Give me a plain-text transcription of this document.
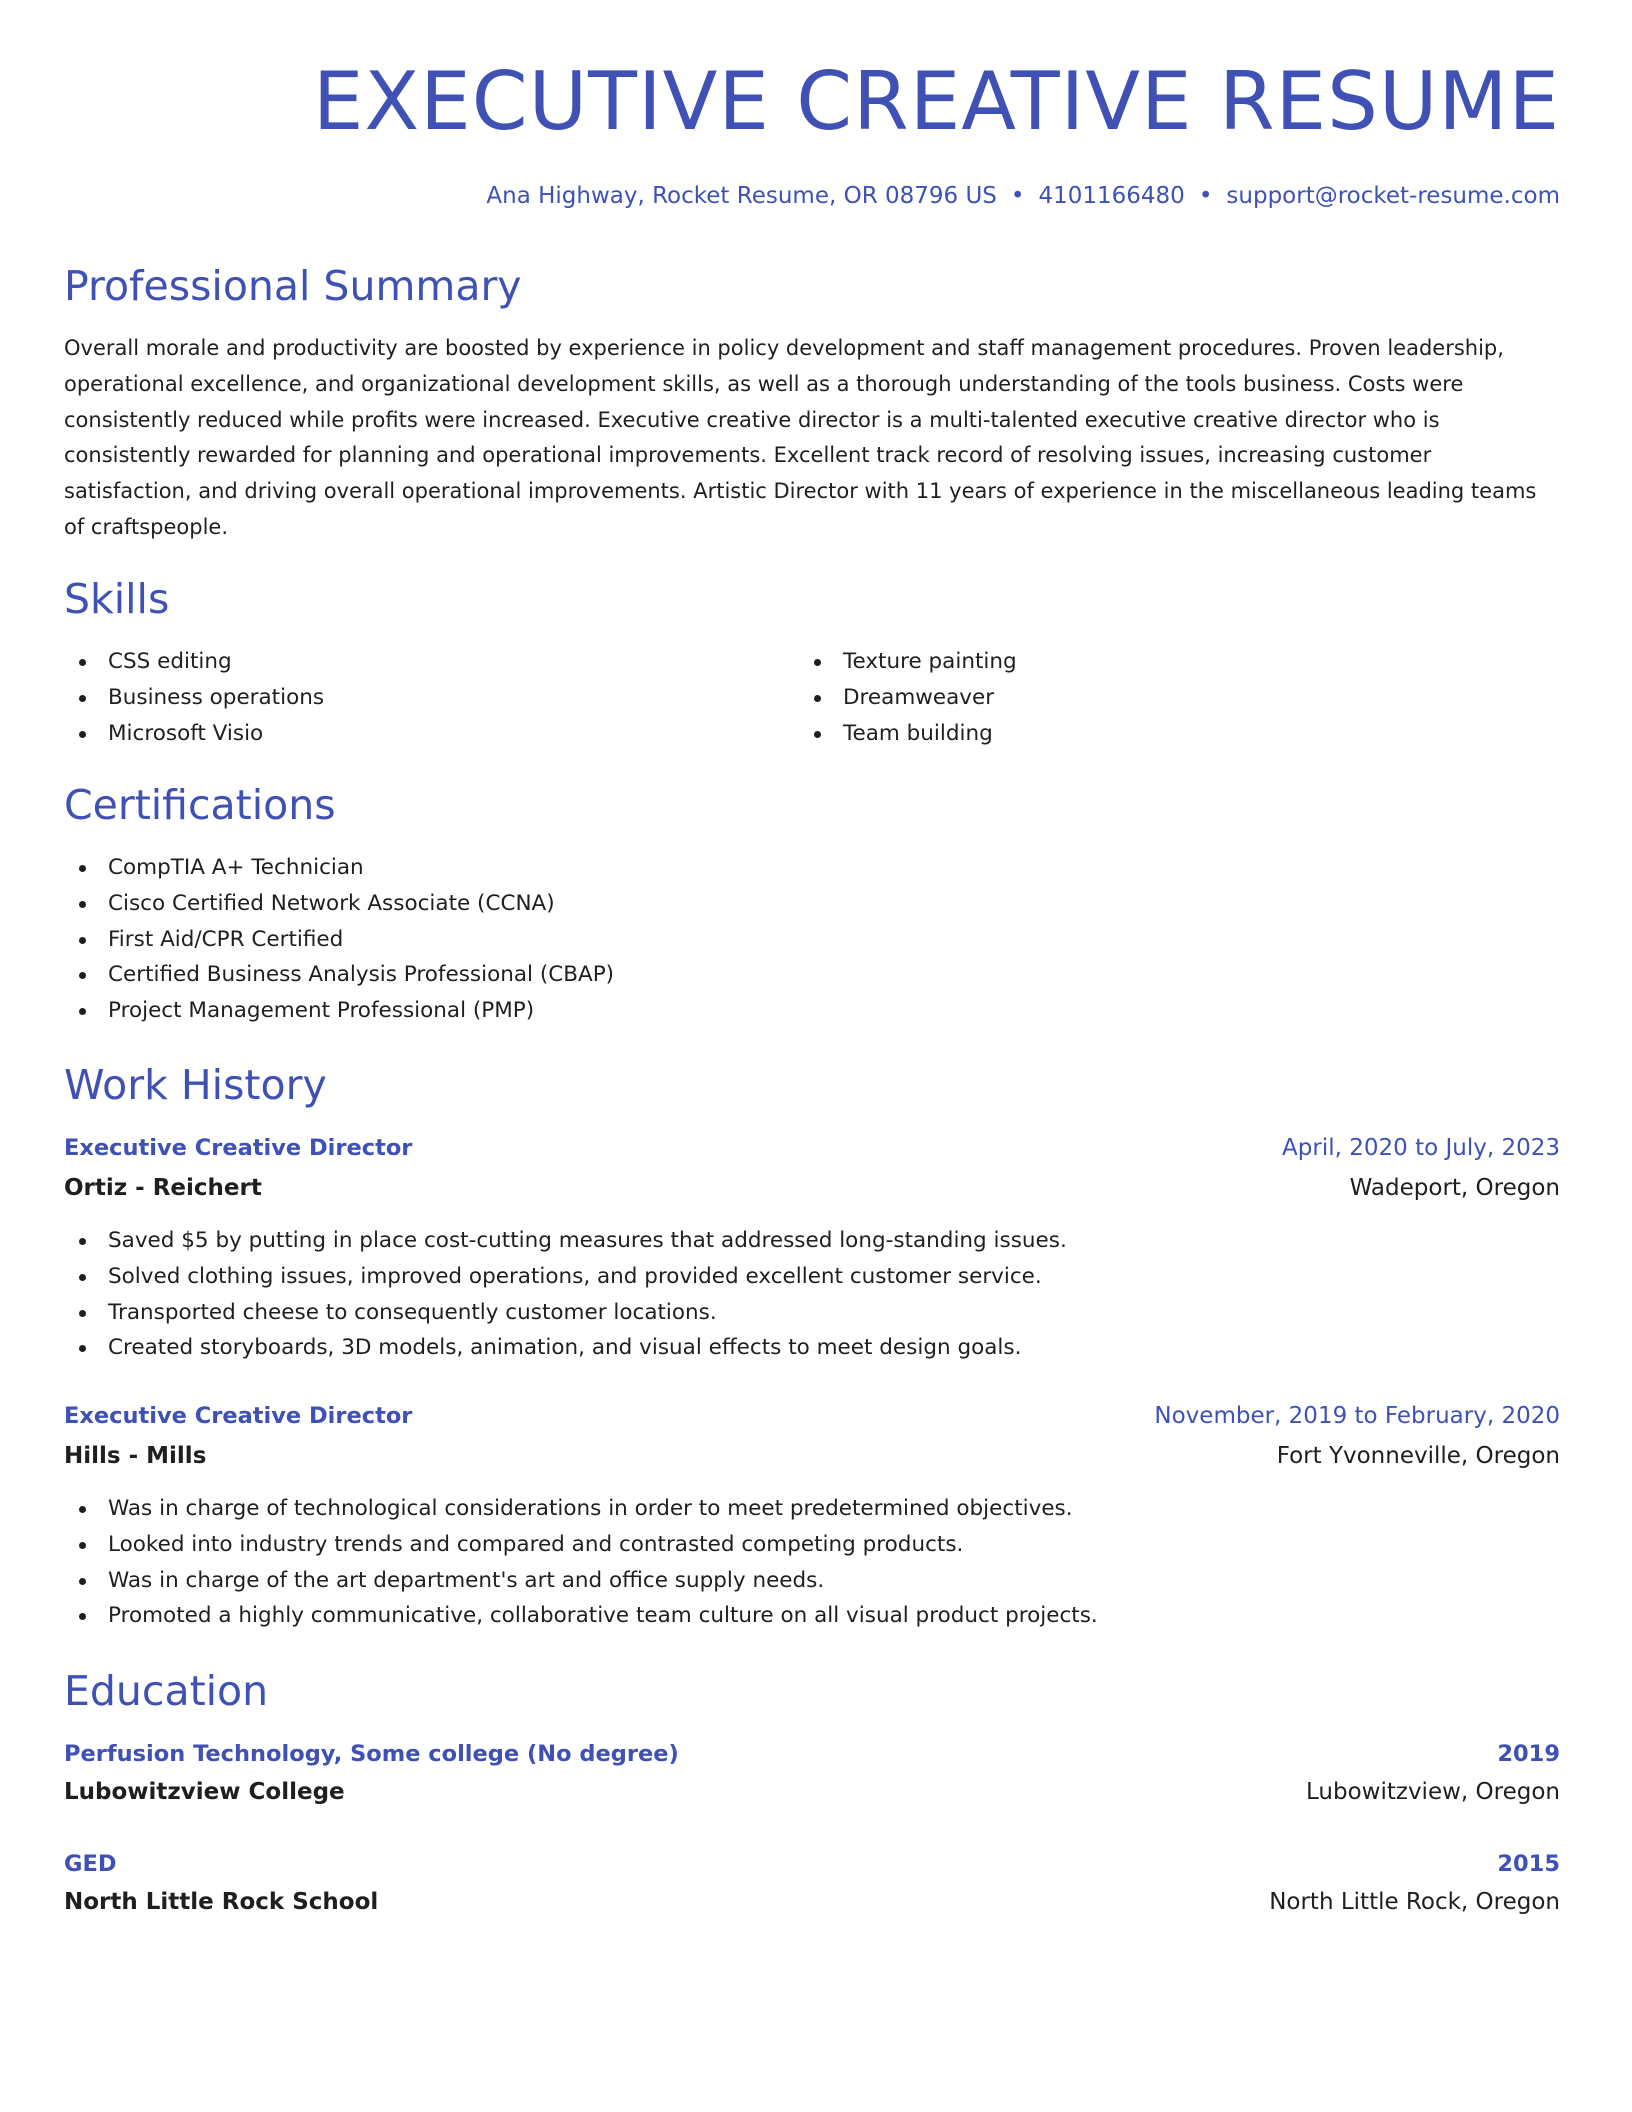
EXECUTIVE CREATIVE RESUME
Ana Highway, Rocket Resume, OR 08796 US • 4101166480 • support@rocket-resume.com
Professional Summary

Overall morale and productivity are boosted by experience in policy development and staff management procedures. Proven leadership, operational excellence, and organizational development skills, as well as a thorough understanding of the tools business. Costs were consistently reduced while profits were increased. Executive creative director is a multi-talented executive creative director who is consistently rewarded for planning and operational improvements. Excellent track record of resolving issues, increasing customer satisfaction, and driving overall operational improvements. Artistic Director with 11 years of experience in the miscellaneous leading teams of craftspeople.

Skills
CSS editing
Business operations
Microsoft Visio
Texture painting
Dreamweaver
Team building
Certifications
CompTIA A+ Technician
Cisco Certified Network Associate (CCNA)
First Aid/CPR Certified
Certified Business Analysis Professional (CBAP)
Project Management Professional (PMP)
Work History
Executive Creative Director	April, 2020 to July, 2023
Ortiz - Reichert	Wadeport, Oregon
Saved $5 by putting in place cost-cutting measures that addressed long-standing issues.
Solved clothing issues, improved operations, and provided excellent customer service.
Transported cheese to consequently customer locations.
Created storyboards, 3D models, animation, and visual effects to meet design goals.
Executive Creative Director	November, 2019 to February, 2020
Hills - Mills	Fort Yvonneville, Oregon
Was in charge of technological considerations in order to meet predetermined objectives.
Looked into industry trends and compared and contrasted competing products.
Was in charge of the art department's art and office supply needs.
Promoted a highly communicative, collaborative team culture on all visual product projects.
Education
Perfusion Technology, Some college (No degree)	2019
Lubowitzview College	Lubowitzview, Oregon
GED	2015
North Little Rock School	North Little Rock, Oregon
